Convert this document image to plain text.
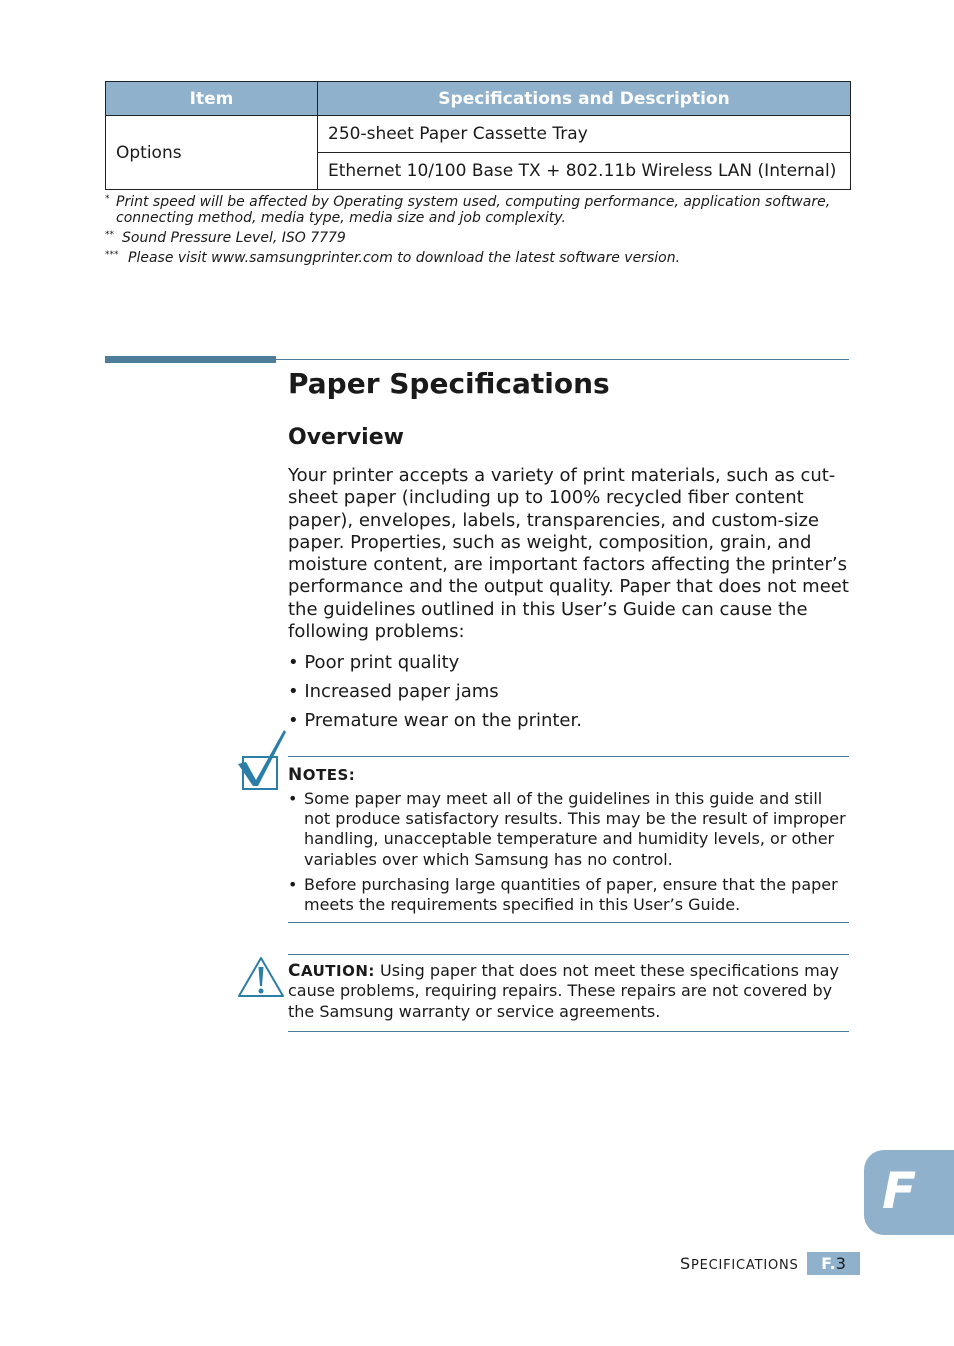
Item	Specifications and Description
Options	250-sheet Paper Cassette Tray
	Ethernet 10/100 Base TX + 802.11b Wireless LAN (Internal)
* Print speed will be affected by Operating system used, computing performance, application software, connecting method, media type, media size and job complexity.
** Sound Pressure Level, ISO 7779
*** Please visit www.samsungprinter.com to download the latest software version.
Paper Specifications
Overview

Your printer accepts a variety of print materials, such as cut-sheet paper (including up to 100% recycled fiber content paper), envelopes, labels, transparencies, and custom-size paper. Properties, such as weight, composition, grain, and moisture content, are important factors affecting the printer’s performance and the output quality. Paper that does not meet the guidelines outlined in this User’s Guide can cause the following problems:

• Poor print quality
• Increased paper jams
• Premature wear on the printer.
NOTES:
• Some paper may meet all of the guidelines in this guide and still not produce satisfactory results. This may be the result of improper handling, unacceptable temperature and humidity levels, or other variables over which Samsung has no control.
• Before purchasing large quantities of paper, ensure that the paper meets the requirements specified in this User’s Guide.

CAUTION: Using paper that does not meet these specifications may cause problems, requiring repairs. These repairs are not covered by the Samsung warranty or service agreements.

F
SPECIFICATIONS	F.3
